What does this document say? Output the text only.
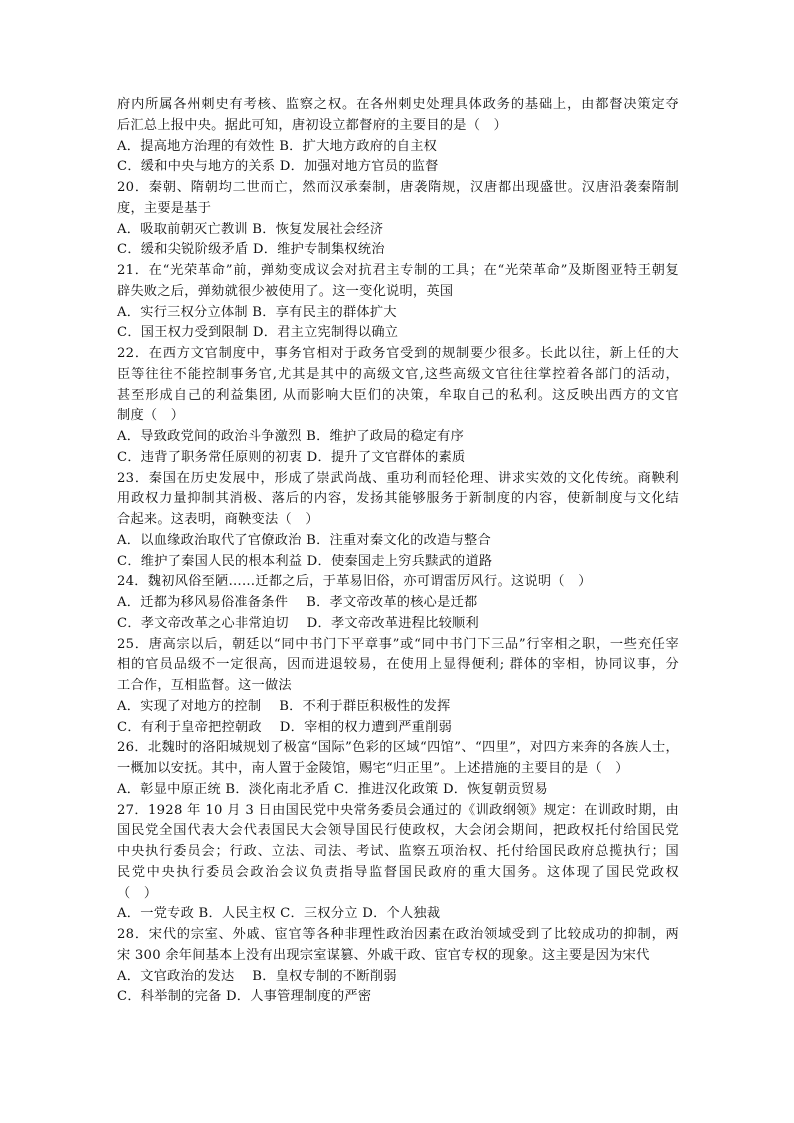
府内所属各州刺史有考核、监察之权。在各州刺史处理具体政务的基础上，由都督决策定夺
后汇总上报中央。据此可知，唐初设立都督府的主要目的是（　）
A．提高地方治理的有效性 B．扩大地方政府的自主权
C．缓和中央与地方的关系 D．加强对地方官员的监督
20．秦朝、隋朝均二世而亡，然而汉承秦制，唐袭隋规，汉唐都出现盛世。汉唐沿袭秦隋制
度，主要是基于
A．吸取前朝灭亡教训 B．恢复发展社会经济
C．缓和尖锐阶级矛盾 D．维护专制集权统治
21．在“光荣革命”前，弹劾变成议会对抗君主专制的工具；在“光荣革命”及斯图亚特王朝复
辟失败之后，弹劾就很少被使用了。这一变化说明，英国
A．实行三权分立体制 B．享有民主的群体扩大
C．国王权力受到限制 D．君主立宪制得以确立
22．在西方文官制度中，事务官相对于政务官受到的规制要少很多。长此以往，新上任的大
臣等往往不能控制事务官,尤其是其中的高级文官,这些高级文官往往掌控着各部门的活动，
甚至形成自己的利益集团, 从而影响大臣们的决策，牟取自己的私利。这反映出西方的文官
制度（　）
A．导致政党间的政治斗争激烈 B．维护了政局的稳定有序
C．违背了职务常任原则的初衷 D．提升了文官群体的素质
23．秦国在历史发展中，形成了崇武尚战、重功利而轻伦理、讲求实效的文化传统。商鞅利
用政权力量抑制其消极、落后的内容，发扬其能够服务于新制度的内容，使新制度与文化结
合起来。这表明，商鞅变法（　）
A．以血缘政治取代了官僚政治 B．注重对秦文化的改造与整合
C．维护了秦国人民的根本利益 D．使秦国走上穷兵黩武的道路
24．魏初风俗至陋……迁都之后，于革易旧俗，亦可谓雷厉风行。这说明（　）
A．迁都为移风易俗准备条件　 B．孝文帝改革的核心是迁都
C．孝文帝改革之心非常迫切　 D．孝文帝改革进程比较顺利
25．唐高宗以后，朝廷以“同中书门下平章事”或“同中书门下三品”行宰相之职，一些充任宰
相的官员品级不一定很高，因而进退较易，在使用上显得便利; 群体的宰相，协同议事，分
工合作，互相监督。这一做法
A．实现了对地方的控制　 B．不利于群臣积极性的发挥
C．有利于皇帝把控朝政　 D．宰相的权力遭到严重削弱
26．北魏时的洛阳城规划了极富“国际”色彩的区域“四馆”、“四里”，对四方来奔的各族人士，
一概加以安抚。其中，南人置于金陵馆，赐宅“归正里”。上述措施的主要目的是（　）
A．彰显中原正统 B．淡化南北矛盾 C．推进汉化政策 D．恢复朝贡贸易
27．1928 年 10 月 3 日由国民党中央常务委员会通过的《训政纲领》规定：在训政时期，由
国民党全国代表大会代表国民大会领导国民行使政权，大会闭会期间，把政权托付给国民党
中央执行委员会；行政、立法、司法、考试、监察五项治权、托付给国民政府总揽执行；国
民党中央执行委员会政治会议负责指导监督国民政府的重大国务。这体现了国民党政权
（　）
A．一党专政 B．人民主权 C．三权分立 D．个人独裁
28．宋代的宗室、外戚、宦官等各种非理性政治因素在政治领域受到了比较成功的抑制，两
宋 300 余年间基本上没有出现宗室谋篡、外戚干政、宦官专权的现象。这主要是因为宋代
A．文官政治的发达　 B．皇权专制的不断削弱
C．科举制的完备 D．人事管理制度的严密
